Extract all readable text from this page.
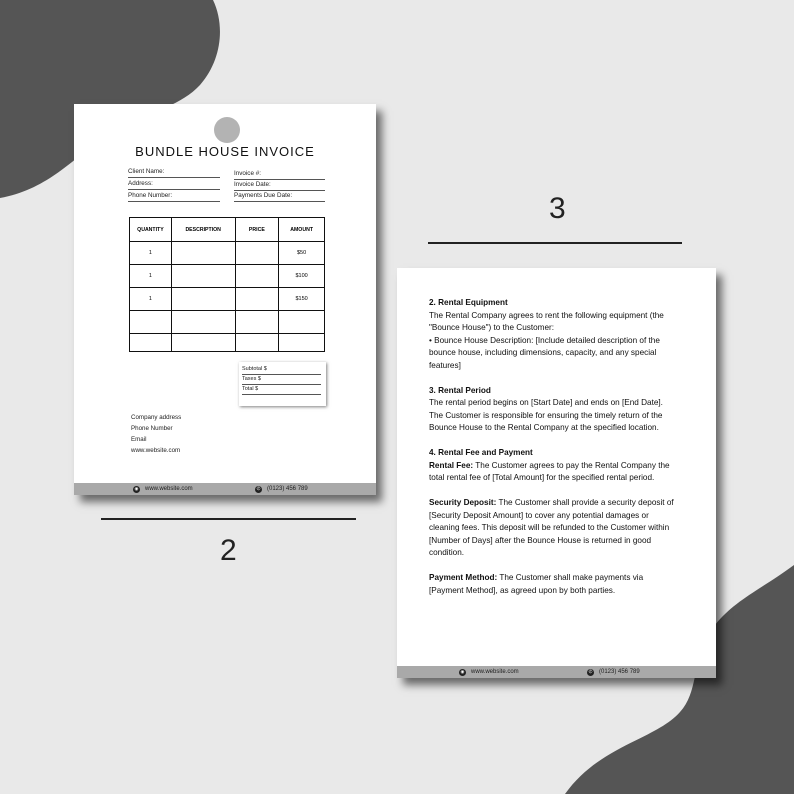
2
3
BUNDLE HOUSE INVOICE
Client Name:
Address:
Phone Number:
Invoice #:
Invoice Date:
Payments Due Date:
QUANTITY	DESCRIPTION	PRICE	AMOUNT
1			$50
1			$100
1			$150

Subtotal $
Taxes $
Total $
Company address
Phone Number
Email
www.website.com
◉ www.website.com	✆ (0123) 456 789

2. Rental Equipment
The Rental Company agrees to rent the following equipment (the "Bounce House") to the Customer:
• Bounce House Description: [Include detailed description of the bounce house, including dimensions, capacity, and any special features]

3. Rental Period
The rental period begins on [Start Date] and ends on [End Date]. The Customer is responsible for ensuring the timely return of the Bounce House to the Rental Company at the specified location.

4. Rental Fee and Payment
Rental Fee: The Customer agrees to pay the Rental Company the total rental fee of [Total Amount] for the specified rental period.

Security Deposit: The Customer shall provide a security deposit of [Security Deposit Amount] to cover any potential damages or cleaning fees. This deposit will be refunded to the Customer within [Number of Days] after the Bounce House is returned in good condition.

Payment Method: The Customer shall make payments via [Payment Method], as agreed upon by both parties.

◉ www.website.com	✆ (0123) 456 789
